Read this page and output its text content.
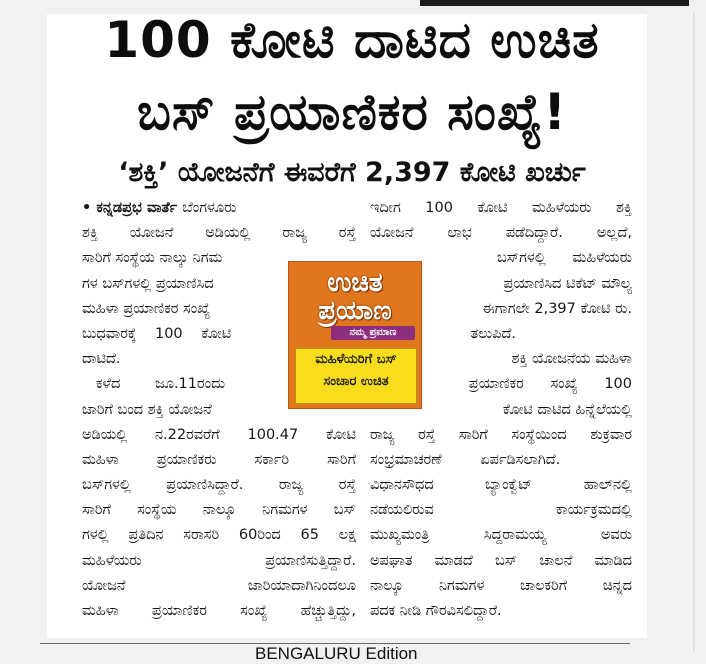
100 ಕೋಟಿ ದಾಟಿದ ಉಚಿತ
ಬಸ್ ಪ್ರಯಾಣಿಕರ ಸಂಖ್ಯೆ!
‘ಶಕ್ತಿ’ ಯೋಜನೆಗೆ ಈವರೆಗೆ 2,397 ಕೋಟಿ ಖರ್ಚು
• ಕನ್ನಡಪ್ರಭ ವಾರ್ತೆ ಬೆಂಗಳೂರು
ಶಕ್ತಿ ಯೋಜನೆ ಅಡಿಯಲ್ಲಿ ರಾಜ್ಯ ರಸ್ತೆ
ಸಾರಿಗೆ ಸಂಸ್ಥೆಯ ನಾಲ್ಕು ನಿಗಮ
ಗಳ ಬಸ್‌ಗಳಲ್ಲಿ ಪ್ರಯಾಣಿಸಿದ
ಮಹಿಳಾ ಪ್ರಯಾಣಿಕರ ಸಂಖ್ಯೆ
ಬುಧವಾರಕ್ಕೆ 100 ಕೋಟಿ
ದಾಟಿದೆ.
ಕಳೆದ ಜೂ.11ರಂದು
ಜಾರಿಗೆ ಬಂದ ಶಕ್ತಿ ಯೋಜನೆ
ಅಡಿಯಲ್ಲಿ ನ.22ರವರೆಗೆ 100.47 ಕೋಟಿ
ಮಹಿಳಾ ಪ್ರಯಾಣಿಕರು ಸರ್ಕಾರಿ ಸಾರಿಗೆ
ಬಸ್‌ಗಳಲ್ಲಿ ಪ್ರಯಾಣಿಸಿದ್ದಾರೆ. ರಾಜ್ಯ ರಸ್ತೆ
ಸಾರಿಗೆ ಸಂಸ್ಥೆಯ ನಾಲ್ಕೂ ನಿಗಮಗಳ ಬಸ್
ಗಳಲ್ಲಿ ಪ್ರತಿದಿನ ಸರಾಸರಿ 60ರಿಂದ 65 ಲಕ್ಷ
ಮಹಿಳೆಯರು ಪ್ರಯಾಣಿಸುತ್ತಿದ್ದಾರೆ.
ಯೋಜನೆ ಜಾರಿಯಾದಾಗಿನಿಂದಲೂ
ಮಹಿಳಾ ಪ್ರಯಾಣಿಕರ ಸಂಖ್ಯೆ ಹೆಚ್ಚುತ್ತಿದ್ದು,
ಇದೀಗ 100 ಕೋಟಿ ಮಹಿಳೆಯರು ಶಕ್ತಿ
ಯೋಜನೆ ಲಾಭ ಪಡೆದಿದ್ದಾರೆ. ಅಲ್ಲದೆ,
ಬಸ್‌ಗಳಲ್ಲಿ ಮಹಿಳೆಯರು
ಪ್ರಯಾಣಿಸಿದ ಟಿಕೆಟ್ ಮೌಲ್ಯ
ಈಗಾಗಲೇ 2,397 ಕೋಟಿ ರು.
ತಲುಪಿದೆ.
ಶಕ್ತಿ ಯೋಜನೆಯ ಮಹಿಳಾ
ಪ್ರಯಾಣಿಕರ ಸಂಖ್ಯೆ 100
ಕೋಟಿ ದಾಟಿದ ಹಿನ್ನೆಲೆಯಲ್ಲಿ
ರಾಜ್ಯ ರಸ್ತೆ ಸಾರಿಗೆ ಸಂಸ್ಥೆಯಿಂದ ಶುಕ್ರವಾರ
ಸಂಭ್ರಮಾಚರಣೆ ಏರ್ಪಡಿಸಲಾಗಿದೆ.
ವಿಧಾನಸೌಧದ ಬ್ಯಾಂಕ್ವೆಟ್ ಹಾಲ್‌ನಲ್ಲಿ
ನಡೆಯಲಿರುವ ಕಾರ್ಯಕ್ರಮದಲ್ಲಿ
ಮುಖ್ಯಮಂತ್ರಿ ಸಿದ್ದರಾಮಯ್ಯ ಅವರು
ಅಪಘಾತ ಮಾಡದೆ ಬಸ್ ಚಾಲನೆ ಮಾಡಿದ
ನಾಲ್ಕೂ ನಿಗಮಗಳ ಚಾಲಕರಿಗೆ ಚಿನ್ನದ
ಪದಕ ನೀಡಿ ಗೌರವಿಸಲಿದ್ದಾರೆ.
ಉಚಿತ
ಪ್ರಯಾಣ
ನಮ್ಮ ಪ್ರಮಾಣ
ಮಹಿಳೆಯರಿಗೆ ಬಸ್
ಸಂಚಾರ ಉಚಿತ
BENGALURU Edition
